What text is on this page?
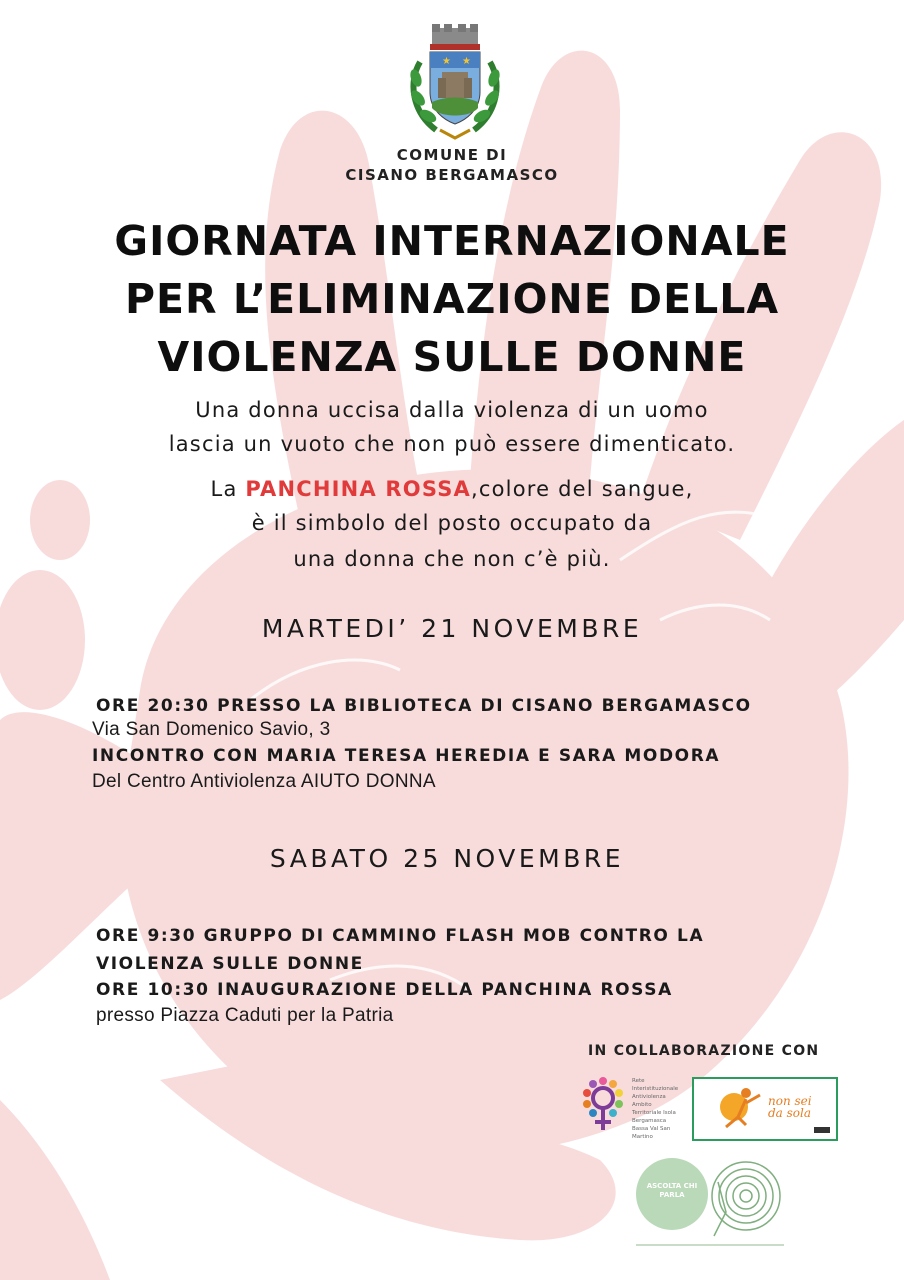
★ ★
COMUNE DI
CISANO BERGAMASCO
GIORNATA INTERNAZIONALE
PER L’ELIMINAZIONE DELLA
VIOLENZA SULLE DONNE
Una donna uccisa dalla violenza di un uomo
lascia un vuoto che non può essere dimenticato.
La PANCHINA ROSSA,colore del sangue,
è il simbolo del posto occupato da
una donna che non c’è più.
MARTEDI’ 21 NOVEMBRE
ORE 20:30 PRESSO LA BIBLIOTECA DI CISANO BERGAMASCO
Via San Domenico Savio, 3
INCONTRO CON MARIA TERESA HEREDIA E SARA MODORA
Del Centro Antiviolenza AIUTO DONNA
SABATO 25 NOVEMBRE
ORE 9:30 GRUPPO DI CAMMINO FLASH MOB CONTRO LA
VIOLENZA SULLE DONNE
ORE 10:30 INAUGURAZIONE DELLA PANCHINA ROSSA
presso Piazza Caduti per la Patria
IN COLLABORAZIONE CON
Rete
Interistituzionale
Antiviolenza
Ambito
Territoriale Isola
Bergamasca
Bassa Val San
Martino
non sei da sola
ASCOLTA CHI PARLA
